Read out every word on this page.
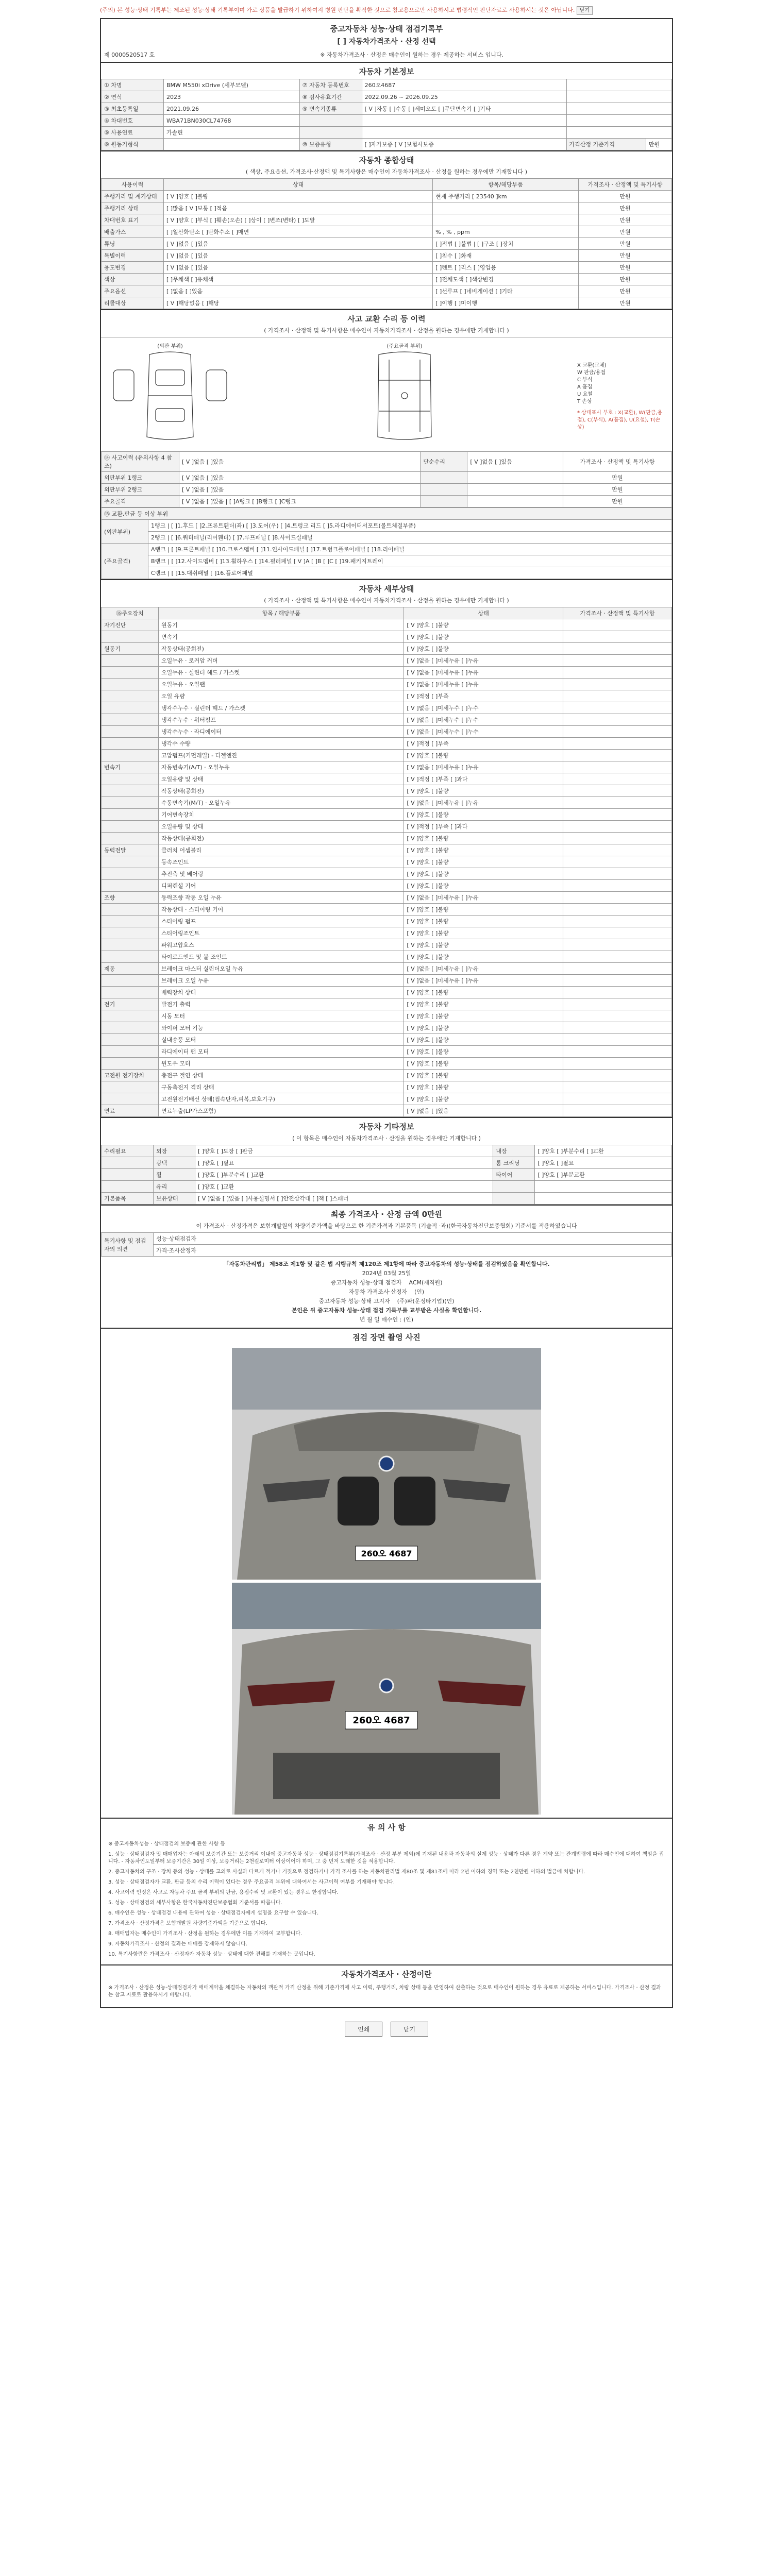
(주의) 본 성능·상태 기록부는 제조된 성능·상태 기록부이며 가로 상품을 발급하기 위하여지 병원 판단을 확작한 것으로 참고용으로만 사용하시고 법령적인 판단자료로 사용하시는 것은 아닙니다. 닫기
중고자동차 성능·상태 점검기록부
[ ] 자동차가격조사 · 산정 선택
제 0000520517 호	※ 자동차가격조사 · 산정은 매수인이 원하는 경우 제공하는 서비스 입니다.
자동차 기본정보
① 차명	BMW M550i xDrive (세부모델)	⑦ 자동차 등록번호	260오4687		
② 연식	2023	⑧ 검사유효기간	2022.09.26 ~ 2026.09.25		
③ 최초등록일	2021.09.26	⑨ 변속기종류	[ V ]자동 [ ]수동 [ ]세미오토 [ ]무단변속기 [ ]기타		
④ 차대번호	WBA71BN030CL74768				
⑤ 사용연료	가솔린				
⑥ 원동기형식		⑩ 보증유형	[ ]자가보증 [ V ]보험사보증	가격산정 기준가격	만원
자동차 종합상태
( 색상, 주요옵션, 가격조사·산정액 및 특기사항은 매수인이 자동차가격조사 · 산정을 원하는 경우에만 기재합니다 )
사용이력	상태	항목/해당부품	가격조사 · 산정액 및 특기사항
주행거리 및 계기상태	[ V ]양호 [ ]불량	현재 주행거리 [ 23540 ]km	만원
주행거리 상태	[ ]많음 [ V ]보통 [ ]적음		만원
차대번호 표기	[ V ]양호 [ ]부식 [ ]훼손(오손) [ ]상이 [ ]변조(변타) [ ]도말		만원
배출가스	[ ]일산화탄소 [ ]탄화수소 [ ]매연	% , % , ppm	만원
튜닝	[ V ]없음 [ ]있음	[ ]적법 [ ]불법 | [ ]구조 [ ]장치	만원
특별이력	[ V ]없음 [ ]있음	[ ]침수 [ ]화재	만원
용도변경	[ V ]없음 [ ]있음	[ ]렌트 [ ]리스 [ ]영업용	만원
색상	[ ]무채색 [ ]유채색	[ ]전체도색 [ ]색상변경	만원
주요옵션	[ ]없음 [ ]있음	[ ]선루프 [ ]네비게이션 [ ]기타	만원
리콜대상	[ V ]해당없음 [ ]해당	[ ]이행 [ ]미이행	만원
사고 교환 수리 등 이력
( 가격조사 · 산정액 및 특기사항은 매수인이 자동차가격조사 · 산정을 원하는 경우에만 기재합니다 )
(외판 부위)	(주요골격 부위)
X 교환(교체)
W 판금/용접
C 부식
A 흠집
U 요철
T 손상
* 상태표시 부호 : X(교환), W(판금,용접), C(부식), A(흠집), U(요철), T(손상)
⑭ 사고이력 (유의사항 4 참조)	[ V ]없음 [ ]있음	단순수리	[ V ]없음 [ ]있음	가격조사 · 산정액 및 특기사항
외판부위 1랭크	[ V ]없음 [ ]있음			만원
외판부위 2랭크	[ V ]없음 [ ]있음			만원
주요골격	[ V ]없음 [ ]있음 | [ ]A랭크 [ ]B랭크 [ ]C랭크			만원
⑮ 교환,판금 등 이상 부위	
(외판부위)	1랭크 | [ ]1.후드 [ ]2.프론트휀더(좌) [ ]3.도어(우) [ ]4.트렁크 리드 [ ]5.라디에이터서포트(볼트체결부품)
	2랭크 | [ ]6.쿼터패널(리어휀더) [ ]7.루프패널 [ ]8.사이드실패널
(주요골격)	A랭크 | [ ]9.프론트패널 [ ]10.크로스멤버 [ ]11.인사이드패널 [ ]17.트렁크플로어패널 [ ]18.리어패널
	B랭크 | [ ]12.사이드멤버 [ ]13.휠하우스 [ ]14.필러패널 [ V ]A [ ]B [ ]C [ ]19.패키지트레이
	C랭크 | [ ]15.대쉬패널 [ ]16.플로어패널
자동차 세부상태
( 가격조사 · 산정액 및 특기사항은 매수인이 자동차가격조사 · 산정을 원하는 경우에만 기재합니다 )
⑯주요장치	항목 / 해당부품	상태	가격조사 · 산정액 및 특기사항
자기진단	원동기	[ V ]양호 [ ]불량	
	변속기	[ V ]양호 [ ]불량	
원동기	작동상태(공회전)	[ V ]양호 [ ]불량	
	오일누유 · 로커암 커버	[ V ]없음 [ ]미세누유 [ ]누유	
	오일누유 · 실린더 헤드 / 가스켓	[ V ]없음 [ ]미세누유 [ ]누유	
	오일누유 · 오일팬	[ V ]없음 [ ]미세누유 [ ]누유	
	오일 유량	[ V ]적정 [ ]부족	
	냉각수누수 · 실린더 헤드 / 가스켓	[ V ]없음 [ ]미세누수 [ ]누수	
	냉각수누수 · 워터펌프	[ V ]없음 [ ]미세누수 [ ]누수	
	냉각수누수 · 라디에이터	[ V ]없음 [ ]미세누수 [ ]누수	
	냉각수 수량	[ V ]적정 [ ]부족	
	고압펌프(커먼레일) - 디젤엔진	[ V ]양호 [ ]불량	
변속기	자동변속기(A/T) · 오일누유	[ V ]없음 [ ]미세누유 [ ]누유	
	오일유량 및 상태	[ V ]적정 [ ]부족 [ ]과다	
	작동상태(공회전)	[ V ]양호 [ ]불량	
	수동변속기(M/T) · 오일누유	[ V ]없음 [ ]미세누유 [ ]누유	
	기어변속장치	[ V ]양호 [ ]불량	
	오일유량 및 상태	[ V ]적정 [ ]부족 [ ]과다	
	작동상태(공회전)	[ V ]양호 [ ]불량	
동력전달	클러치 어셈블리	[ V ]양호 [ ]불량	
	등속조인트	[ V ]양호 [ ]불량	
	추진축 및 베어링	[ V ]양호 [ ]불량	
	디퍼렌셜 기어	[ V ]양호 [ ]불량	
조향	동력조향 작동 오일 누유	[ V ]없음 [ ]미세누유 [ ]누유	
	작동상태 · 스티어링 기어	[ V ]양호 [ ]불량	
	스티어링 펌프	[ V ]양호 [ ]불량	
	스티어링조인트	[ V ]양호 [ ]불량	
	파워고압호스	[ V ]양호 [ ]불량	
	타이로드엔드 및 볼 조인트	[ V ]양호 [ ]불량	
제동	브레이크 마스터 실린더오일 누유	[ V ]없음 [ ]미세누유 [ ]누유	
	브레이크 오일 누유	[ V ]없음 [ ]미세누유 [ ]누유	
	배력장치 상태	[ V ]양호 [ ]불량	
전기	발전기 출력	[ V ]양호 [ ]불량	
	시동 모터	[ V ]양호 [ ]불량	
	와이퍼 모터 기능	[ V ]양호 [ ]불량	
	실내송풍 모터	[ V ]양호 [ ]불량	
	라디에이터 팬 모터	[ V ]양호 [ ]불량	
	윈도우 모터	[ V ]양호 [ ]불량	
고전원 전기장치	충전구 절연 상태	[ V ]양호 [ ]불량	
	구동축전지 격리 상태	[ V ]양호 [ ]불량	
	고전원전기배선 상태(접속단자,피복,보호기구)	[ V ]양호 [ ]불량	
연료	연료누출(LP가스포함)	[ V ]없음 [ ]있음	
자동차 기타정보
( 이 항목은 매수인이 자동차가격조사 · 산정을 원하는 경우에만 기재합니다 )
수리필요	외장	[ ]양호 [ ]도장 [ ]판금	내장	[ ]양호 [ ]부분수리 [ ]교환
	광택	[ ]양호 [ ]필요	룸 크리닝	[ ]양호 [ ]필요
	휠	[ ]양호 [ ]부분수리 [ ]교환	타이어	[ ]양호 [ ]부분교환
	유리	[ ]양호 [ ]교환		
기본품목	보유상태	[ V ]없음 [ ]있음 [ ]사용설명서 [ ]안전삼각대 [ ]잭 [ ]스패너		
최종 가격조사 · 산정 금액 0만원
이 가격조사 · 산정가격은 보험개발원의 차량기준가액을 바탕으로 한 기준가격과 기본품목 (기술적 ·과)(한국자동차진단보증협회) 기준서를 적용하였습니다
특기사항 및 점검자의 의견	성능·상태점검자
가격·조사산정자
「자동차관리법」 제58조 제1항 및 같은 법 시행규칙 제120조 제1항에 따라 중고자동차의 성능·상태를 점검하였음을 확인합니다.
2024년 03월 25일
중고자동차 성능·상태 점검자 ACM(재직원)
자동차 가격조사·산정자 (인)
중고자동차 성능·상태 고지자 (주)파(운정타기업)(인)
본인은 위 중고자동차 성능·상태 점검 기록부를 교부받은 사실을 확인합니다.
년 월 일 매수인 : (인)
점검 장면 촬영 사진
260오 4687
260오 4687
유 의 사 항

※ 중고자동차성능 · 상태점검의 보증에 관한 사항 등

1. 성능 · 상태점검자 및 매매업자는 아래의 보증기간 또는 보증거리 이내에 중고자동차 성능 · 상태점검기록부(가격조사 · 산정 부분 제외)에 기재된 내용과 자동차의 실제 성능 · 상태가 다른 경우 계약 또는 관계법령에 따라 매수인에 대하여 책임을 집니다. - 자동차인도일부터 보증기간은 30일 이상, 보증거리는 2천킬로미터 이상이어야 하며, 그 중 먼저 도래한 것을 적용합니다.

2. 중고자동차의 구조 · 장치 등의 성능 · 상태를 고의로 사실과 다르게 적거나 거짓으로 점검하거나 가격 조사를 하는 자동차관리법 제80조 및 제81조에 따라 2년 이하의 징역 또는 2천만원 이하의 벌금에 처합니다.

3. 성능 · 상태점검자가 교환, 판금 등의 수리 이력이 있다는 경우 주요골격 부위에 대하여서는 사고이력 여부를 기재해야 합니다.

4. 사고이력 인정은 사고로 자동차 주요 골격 부위의 판금, 용접수리 및 교환이 있는 경우로 한정합니다.

5. 성능 · 상태점검의 세부사항은 한국자동차진단보증협회 기준서를 따릅니다.

6. 매수인은 성능 · 상태점검 내용에 관하여 성능 · 상태점검자에게 설명을 요구할 수 있습니다.

7. 가격조사 · 산정가격은 보험개발원 차량기준가액을 기준으로 합니다.

8. 매매업자는 매수인이 가격조사 · 산정을 원하는 경우에만 이를 기재하여 교부합니다.

9. 자동차가격조사 · 산정의 결과는 매매를 강제하지 않습니다.

10. 특기사항란은 가격조사 · 산정자가 자동차 성능 · 상태에 대한 견해를 기재하는 곳입니다.

자동차가격조사 · 산정이란
※ 가격조사 · 산정은 성능·상태점검자가 매매계약을 체결하는 자동차의 객관적 가격 산정을 위해 기준가격에 사고 이력, 주행거리, 차량 상태 등을 반영하여 산출하는 것으로 매수인이 원하는 경우 유료로 제공하는 서비스입니다. 가격조사 · 산정 결과는 참고 자료로 활용하시기 바랍니다.
인쇄	닫기
